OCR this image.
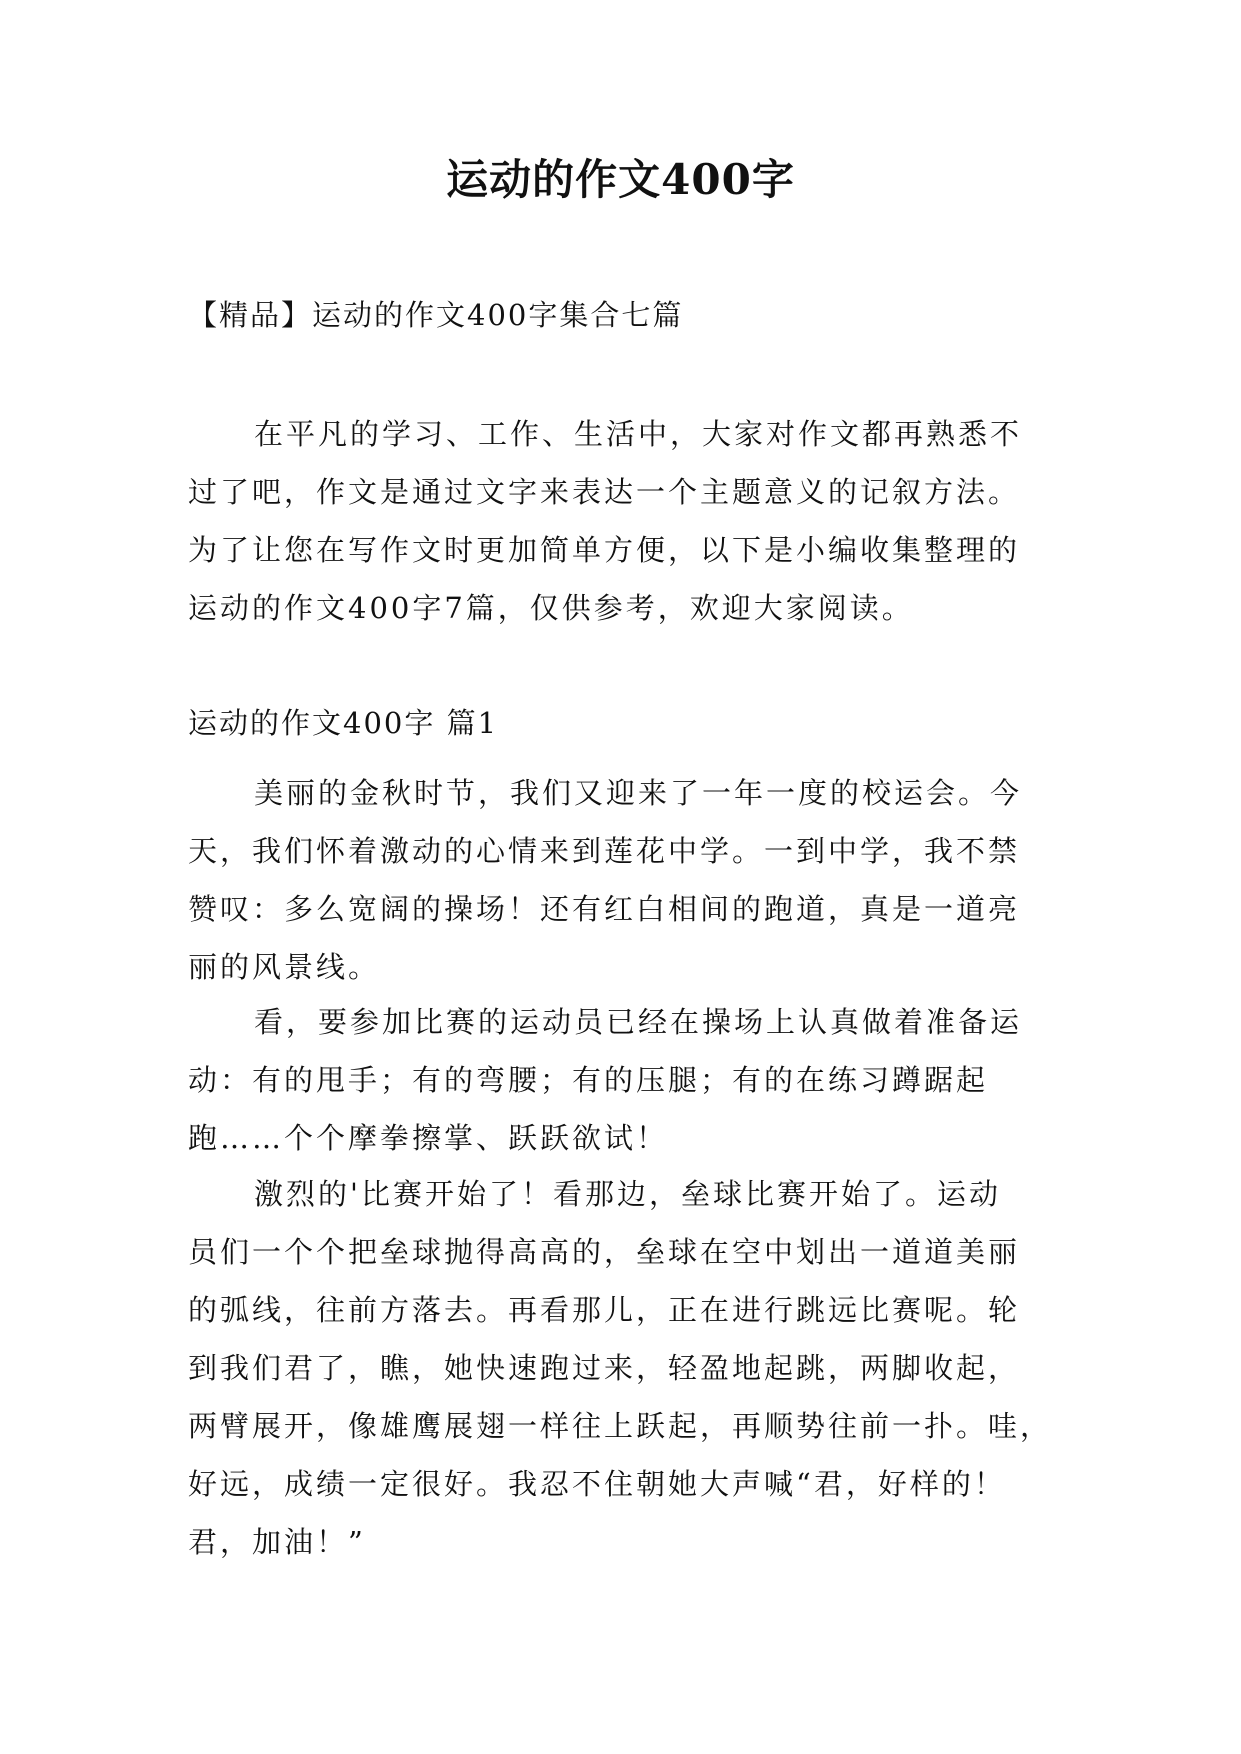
运动的作文400字
【精品】运动的作文400字集合七篇
在平凡的学习、工作、生活中，大家对作文都再熟悉不
过了吧，作文是通过文字来表达一个主题意义的记叙方法。
为了让您在写作文时更加简单方便，以下是小编收集整理的
运动的作文400字7篇，仅供参考，欢迎大家阅读。
运动的作文400字 篇1
美丽的金秋时节，我们又迎来了一年一度的校运会。今
天，我们怀着激动的心情来到莲花中学。一到中学，我不禁
赞叹：多么宽阔的操场！还有红白相间的跑道，真是一道亮
丽的风景线。
看，要参加比赛的运动员已经在操场上认真做着准备运
动：有的甩手；有的弯腰；有的压腿；有的在练习蹲踞起
跑……个个摩拳擦掌、跃跃欲试！
激烈的'比赛开始了！看那边，垒球比赛开始了。运动
员们一个个把垒球抛得高高的，垒球在空中划出一道道美丽
的弧线，往前方落去。再看那儿，正在进行跳远比赛呢。轮
到我们君了，瞧，她快速跑过来，轻盈地起跳，两脚收起，
两臂展开，像雄鹰展翅一样往上跃起，再顺势往前一扑。哇，
好远，成绩一定很好。我忍不住朝她大声喊“君，好样的！
君，加油！”
